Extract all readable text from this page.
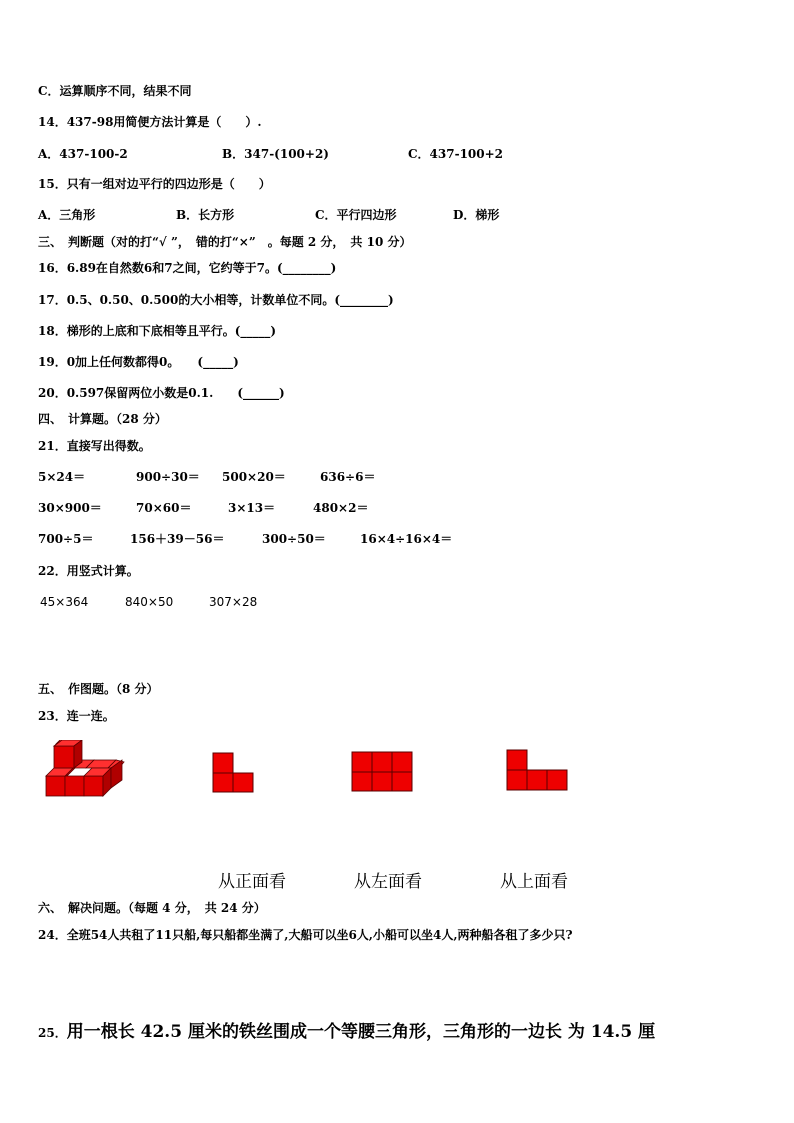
C．运算顺序不同，结果不同
14．437-98用简便方法计算是（　　）.
A．437-100-2	B．347-(100+2)	C．437-100+2
15．只有一组对边平行的四边形是（　　）
A．三角形	B．长方形	C．平行四边形	D．梯形
三、　判断题（对的打“√ ”，　错的打“×”　。每题 2 分，　共 10 分）
16．6.89在自然数6和7之间，它约等于7。(________)
17．0.5、0.50、0.500的大小相等，计数单位不同。(________)
18．梯形的上底和下底相等且平行。(_____)
19．0加上任何数都得0。　　(_____)
20．0.597保留两位小数是0.1.　　(______)
四、　计算题。（28 分）
21．直接写出得数。
5×24＝	900÷30＝ 500×20＝	636÷6＝
30×900＝	70×60＝	3×13＝	480×2＝
700÷5＝	156＋39－56＝	300÷50＝	16×4÷16×4＝
22．用竖式计算。
45×364	840×50	307×28
五、　作图题。（8 分）
23．连一连。
从正面看	从左面看	从上面看
六、　解决问题。（每题 4 分，　共 24 分）
24．全班54人共租了11只船,每只船都坐满了,大船可以坐6人,小船可以坐4人,两种船各租了多少只?
25．用一根长 42.5 厘米的铁丝围成一个等腰三角形，三角形的一边长 为 14.5 厘
